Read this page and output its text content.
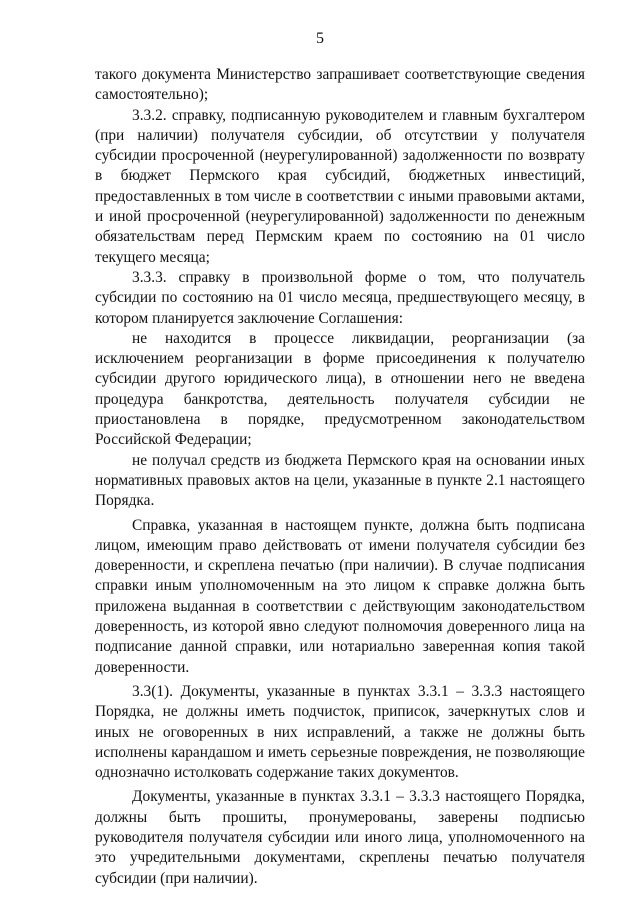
5

такого документа Министерство запрашивает соответствующие сведения самостоятельно);

3.3.2. справку, подписанную руководителем и главным бухгалтером (при наличии) получателя субсидии, об отсутствии у получателя субсидии просроченной (неурегулированной) задолженности по возврату в бюджет Пермского края субсидий, бюджетных инвестиций, предоставленных в том числе в соответствии с иными правовыми актами, и иной просроченной (неурегулированной) задолженности по денежным обязательствам перед Пермским краем по состоянию на 01 число текущего месяца;

3.3.3. справку в произвольной форме о том, что получатель субсидии по состоянию на 01 число месяца, предшествующего месяцу, в котором планируется заключение Соглашения:

не находится в процессе ликвидации, реорганизации (за исключением реорганизации в форме присоединения к получателю субсидии другого юридического лица), в отношении него не введена процедура банкротства, деятельность получателя субсидии не приостановлена в порядке, предусмотренном законодательством Российской Федерации;

не получал средств из бюджета Пермского края на основании иных нормативных правовых актов на цели, указанные в пункте 2.1 настоящего Порядка.

Справка, указанная в настоящем пункте, должна быть подписана лицом, имеющим право действовать от имени получателя субсидии без доверенности, и скреплена печатью (при наличии). В случае подписания справки иным уполномоченным на это лицом к справке должна быть приложена выданная в соответствии с действующим законодательством доверенность, из которой явно следуют полномочия доверенного лица на подписание данной справки, или нотариально заверенная копия такой доверенности.

3.3(1). Документы, указанные в пунктах 3.3.1 – 3.3.3 настоящего Порядка, не должны иметь подчисток, приписок, зачеркнутых слов и иных не оговоренных в них исправлений, а также не должны быть исполнены карандашом и иметь серьезные повреждения, не позволяющие однозначно истолковать содержание таких документов.

Документы, указанные в пунктах 3.3.1 – 3.3.3 настоящего Порядка, должны быть прошиты, пронумерованы, заверены подписью руководителя получателя субсидии или иного лица, уполномоченного на это учредительными документами, скреплены печатью получателя субсидии (при наличии).
